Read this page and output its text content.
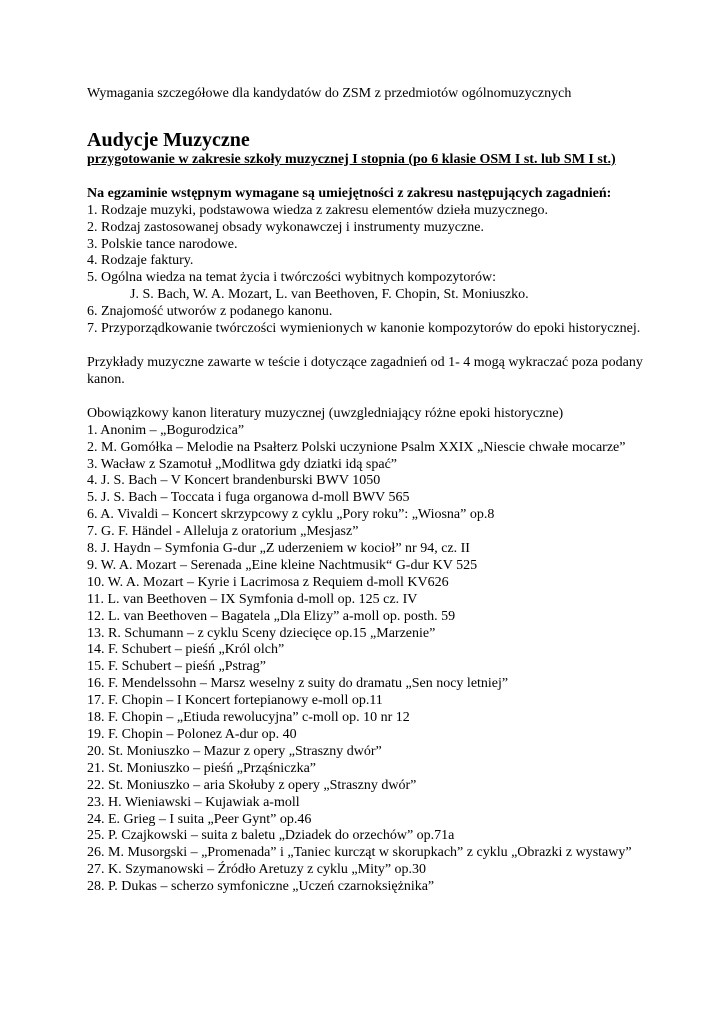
Wymagania szczegółowe dla kandydatów do ZSM z przedmiotów ogólnomuzycznych
Audycje Muzyczne
przygotowanie w zakresie szkoły muzycznej I stopnia (po 6 klasie OSM I st. lub SM I st.)
Na egzaminie wstępnym wymagane są umiejętności z zakresu następujących zagadnień:
1. Rodzaje muzyki, podstawowa wiedza z zakresu elementów dzieła muzycznego.
2. Rodzaj zastosowanej obsady wykonawczej i instrumenty muzyczne.
3. Polskie tance narodowe.
4. Rodzaje faktury.
5. Ogólna wiedza na temat życia i twórczości wybitnych kompozytorów:
J. S. Bach, W. A. Mozart, L. van Beethoven, F. Chopin, St. Moniuszko.
6. Znajomość utworów z podanego kanonu.
7. Przyporządkowanie twórczości wymienionych w kanonie kompozytorów do epoki historycznej.
Przykłady muzyczne zawarte w teście i dotyczące zagadnień od 1- 4 mogą wykraczać poza podany kanon.
Obowiązkowy kanon literatury muzycznej (uwzgledniający różne epoki historyczne)
1. Anonim – „Bogurodzica”
2. M. Gomółka – Melodie na Psałterz Polski uczynione Psalm XXIX „Niescie chwałe mocarze”
3. Wacław z Szamotuł „Modlitwa gdy dziatki idą spać”
4. J. S. Bach – V Koncert brandenburski BWV 1050
5. J. S. Bach – Toccata i fuga organowa d-moll BWV 565
6. A. Vivaldi – Koncert skrzypcowy z cyklu „Pory roku”: „Wiosna” op.8
7. G. F. Händel - Alleluja z oratorium „Mesjasz”
8. J. Haydn – Symfonia G-dur „Z uderzeniem w kocioł” nr 94, cz. II
9. W. A. Mozart – Serenada „Eine kleine Nachtmusik“ G-dur KV 525
10. W. A. Mozart – Kyrie i Lacrimosa z Requiem d-moll KV626
11. L. van Beethoven – IX Symfonia d-moll op. 125 cz. IV
12. L. van Beethoven – Bagatela „Dla Elizy” a-moll op. posth. 59
13. R. Schumann – z cyklu Sceny dziecięce op.15 „Marzenie”
14. F. Schubert – pieśń „Król olch”
15. F. Schubert – pieśń „Pstrag”
16. F. Mendelssohn – Marsz weselny z suity do dramatu „Sen nocy letniej”
17. F. Chopin – I Koncert fortepianowy e-moll op.11
18. F. Chopin – „Etiuda rewolucyjna” c-moll op. 10 nr 12
19. F. Chopin – Polonez A-dur op. 40
20. St. Moniuszko – Mazur z opery „Straszny dwór”
21. St. Moniuszko – pieśń „Prząśniczka”
22. St. Moniuszko – aria Skołuby z opery „Straszny dwór”
23. H. Wieniawski – Kujawiak a-moll
24. E. Grieg – I suita „Peer Gynt” op.46
25. P. Czajkowski – suita z baletu „Dziadek do orzechów” op.71a
26. M. Musorgski – „Promenada” i „Taniec kurcząt w skorupkach” z cyklu „Obrazki z wystawy”
27. K. Szymanowski – Źródło Aretuzy z cyklu „Mity” op.30
28. P. Dukas – scherzo symfoniczne „Uczeń czarnoksiężnika”
